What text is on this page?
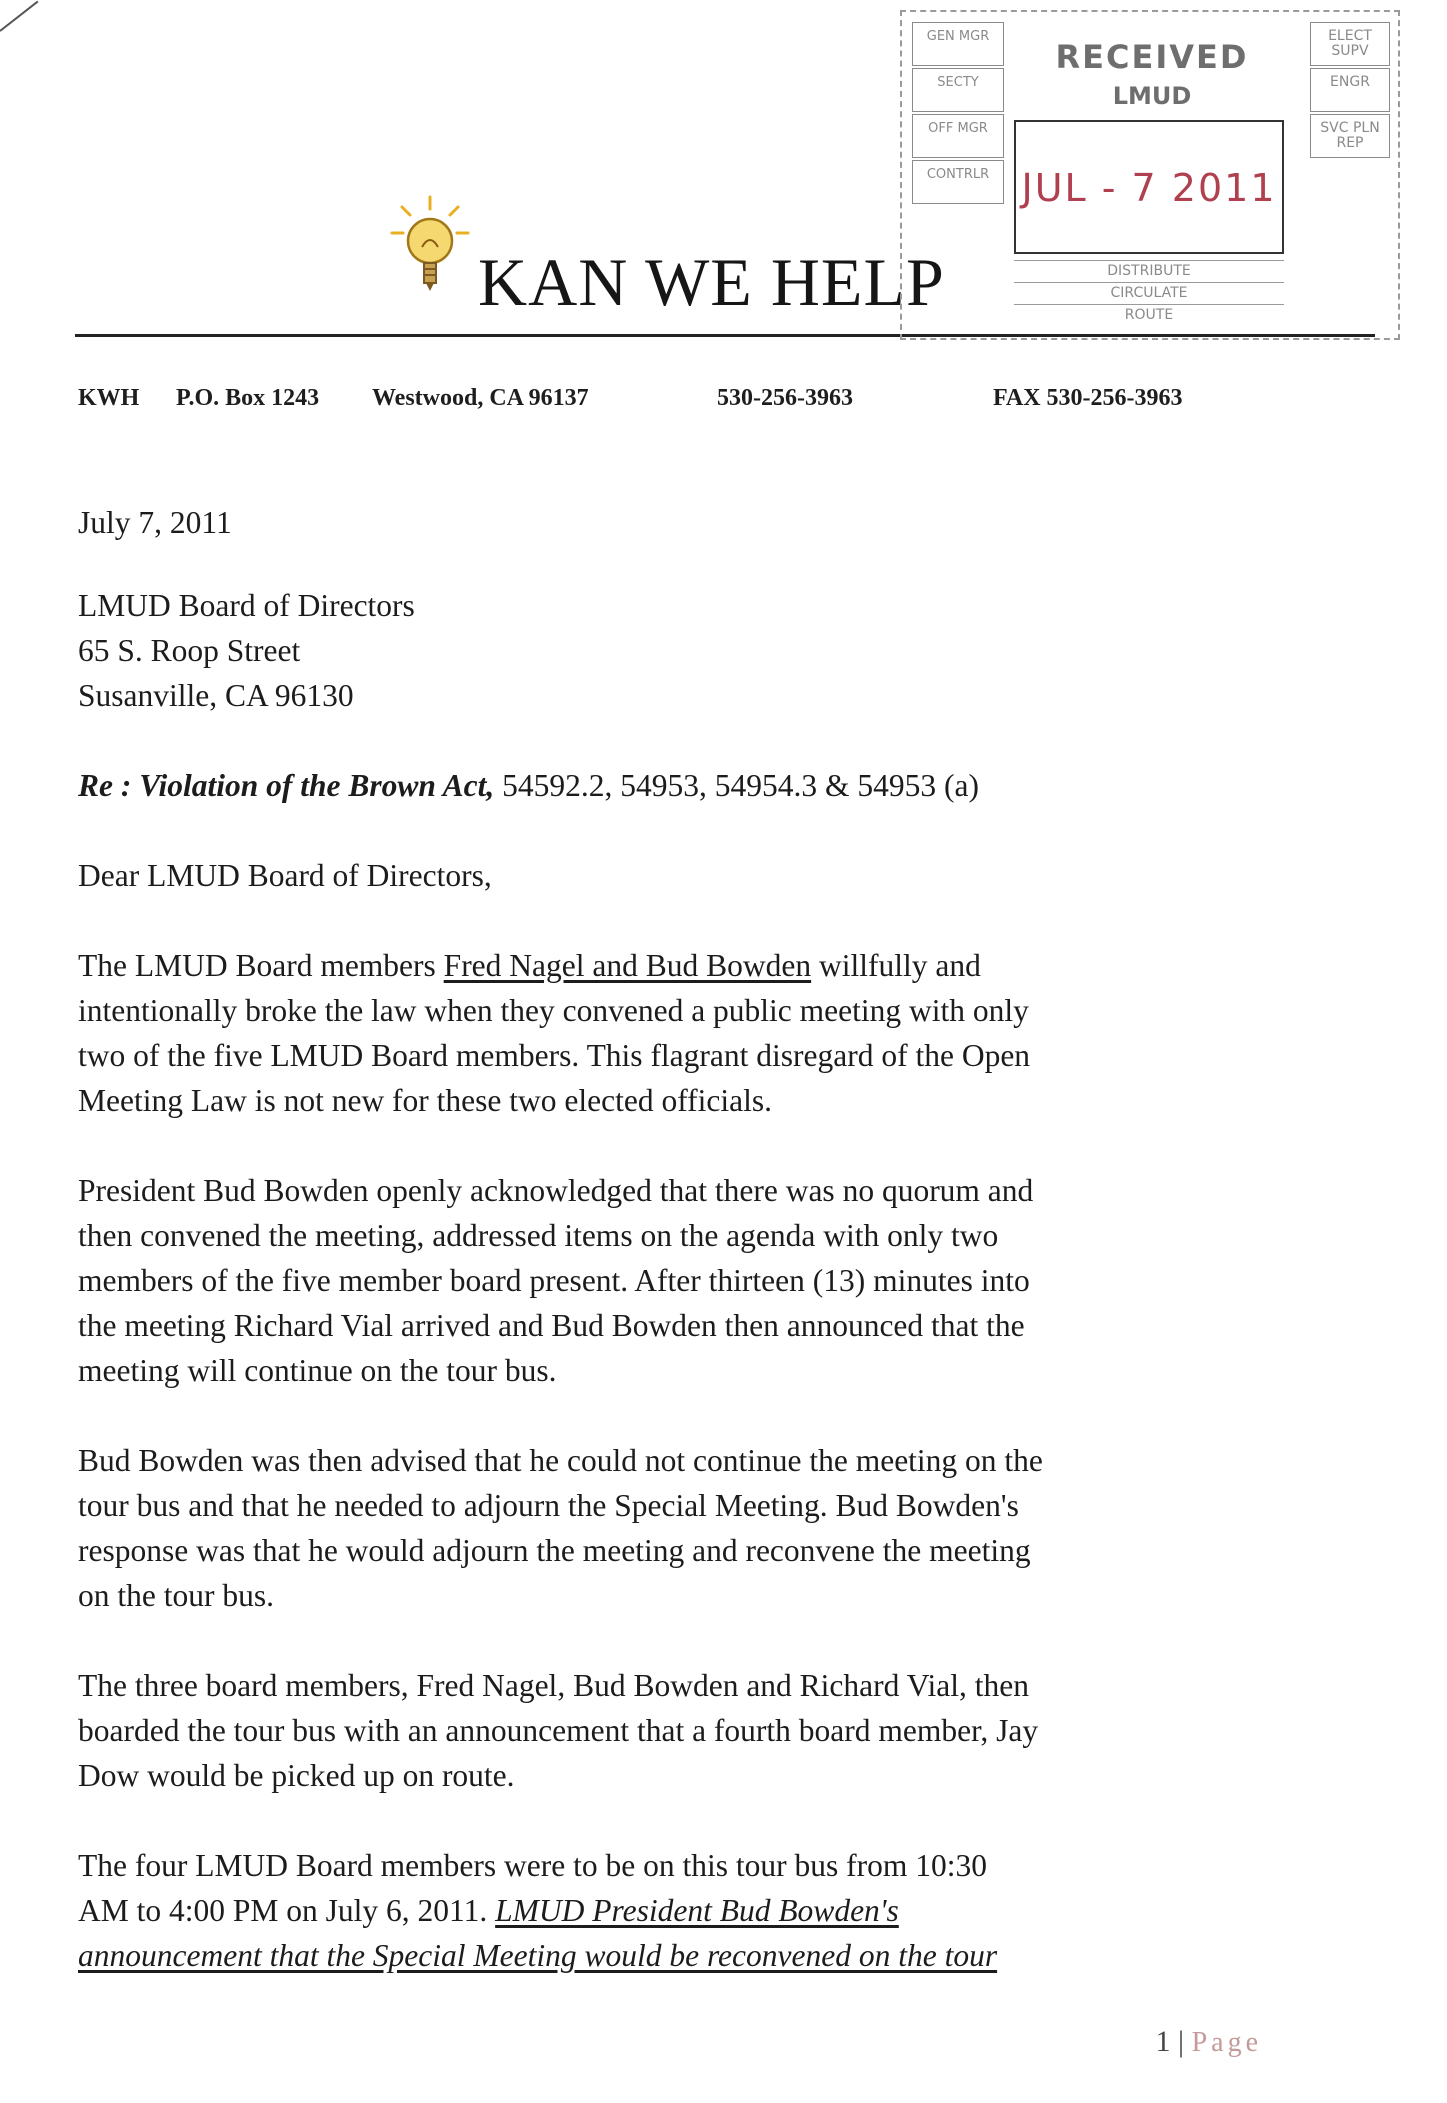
KAN WE HELP
KWH P.O. Box 1243 Westwood, CA 96137	530-256-3963	FAX 530-256-3963
GEN MGR
SECTY
OFF MGR
CONTRLR
RECEIVED
LMUD
JUL - 7 2011
DISTRIBUTE
CIRCULATE
ROUTE
ELECT SUPV
ENGR
SVC PLN REP
July 7, 2011
LMUD Board of Directors
65 S. Roop Street
Susanville, CA 96130
Re : Violation of the Brown Act, 54592.2, 54953, 54954.3 & 54953 (a)
Dear LMUD Board of Directors,
The LMUD Board members Fred Nagel and Bud Bowden willfully and
intentionally broke the law when they convened a public meeting with only
two of the five LMUD Board members. This flagrant disregard of the Open
Meeting Law is not new for these two elected officials.
President Bud Bowden openly acknowledged that there was no quorum and
then convened the meeting, addressed items on the agenda with only two
members of the five member board present. After thirteen (13) minutes into
the meeting Richard Vial arrived and Bud Bowden then announced that the
meeting will continue on the tour bus.
Bud Bowden was then advised that he could not continue the meeting on the
tour bus and that he needed to adjourn the Special Meeting. Bud Bowden's
response was that he would adjourn the meeting and reconvene the meeting
on the tour bus.
The three board members, Fred Nagel, Bud Bowden and Richard Vial, then
boarded the tour bus with an announcement that a fourth board member, Jay
Dow would be picked up on route.
The four LMUD Board members were to be on this tour bus from 10:30
AM to 4:00 PM on July 6, 2011. LMUD President Bud Bowden's
announcement that the Special Meeting would be reconvened on the tour
1 | Page
